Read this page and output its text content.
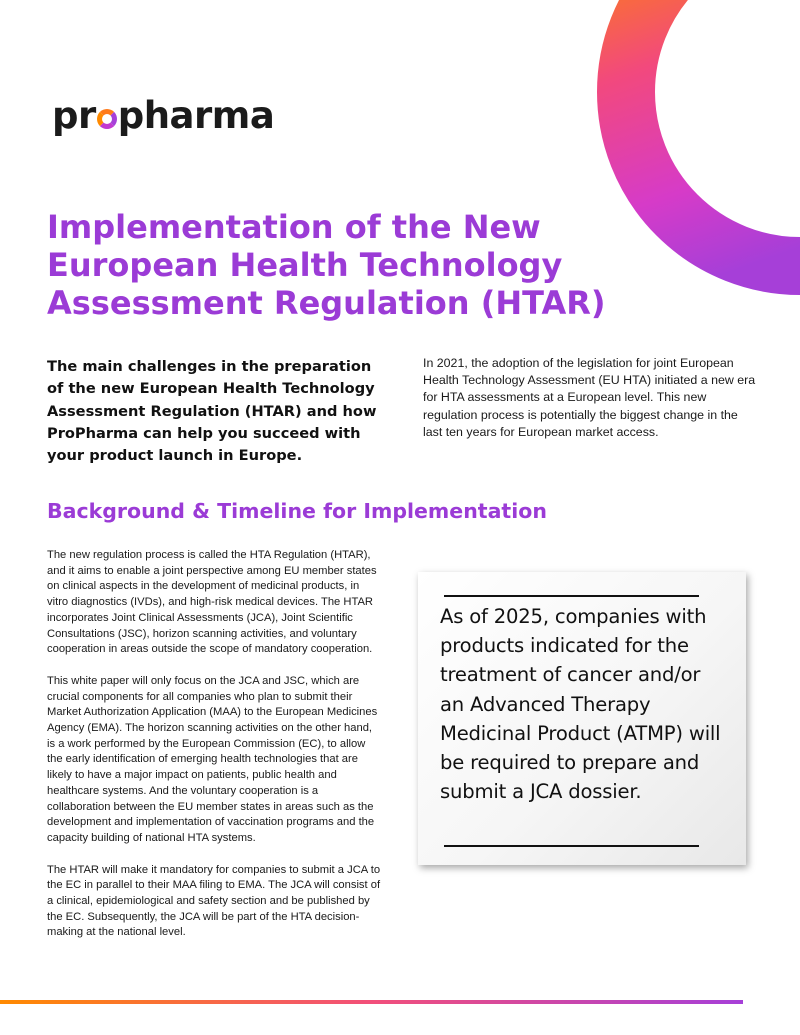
pr pharma
Implementation of the New European Health Technology Assessment Regulation (HTAR)

The main challenges in the preparation of the new European Health Technology Assessment Regulation (HTAR) and how ProPharma can help you succeed with your product launch in Europe.

In 2021, the adoption of the legislation for joint European Health Technology Assessment (EU HTA) initiated a new era for HTA assessments at a European level. This new regulation process is potentially the biggest change in the last ten years for European market access.

Background & Timeline for Implementation

The new regulation process is called the HTA Regulation (HTAR), and it aims to enable a joint perspective among EU member states on clinical aspects in the development of medicinal products, in vitro diagnostics (IVDs), and high-risk medical devices. The HTAR incorporates Joint Clinical Assessments (JCA), Joint Scientific Consultations (JSC), horizon scanning activities, and voluntary cooperation in areas outside the scope of mandatory cooperation.

This white paper will only focus on the JCA and JSC, which are crucial components for all companies who plan to submit their Market Authorization Application (MAA) to the European Medicines Agency (EMA). The horizon scanning activities on the other hand, is a work performed by the European Commission (EC), to allow the early identification of emerging health technologies that are likely to have a major impact on patients, public health and healthcare systems. And the voluntary cooperation is a collaboration between the EU member states in areas such as the development and implementation of vaccination programs and the capacity building of national HTA systems.

The HTAR will make it mandatory for companies to submit a JCA to the EC in parallel to their MAA filing to EMA. The JCA will consist of a clinical, epidemiological and safety section and be published by the EC. Subsequently, the JCA will be part of the HTA decision-making at the national level.

As of 2025, companies with products indicated for the treatment of cancer and/or an Advanced Therapy Medicinal Product (ATMP) will be required to prepare and submit a JCA dossier.
